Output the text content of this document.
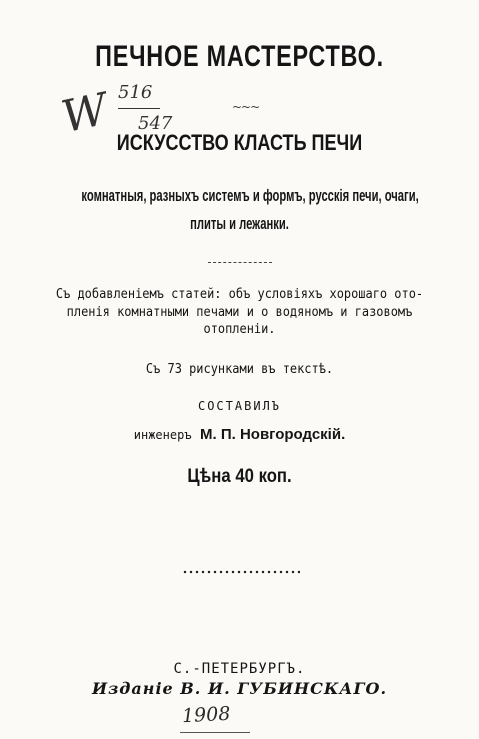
ПЕЧНОЕ МАСТЕРСТВО.
W 516
547
~~~
ИСКУССТВО КЛАСТЬ ПЕЧИ
комнатныя, разныхъ системъ и формъ, русскія печи, очаги,
плиты и лежанки.
Съ добавленіемъ статей: объ условіяхъ хорошаго ото-
пленія комнатными печами и о водяномъ и газовомъ
отопленіи.
Съ 73 рисунками въ текстѣ.
СОСТАВИЛЪ
инженеръ М. П. Новгородскій.
Цѣна 40 коп.
С.-ПЕТЕРБУРГЪ.
Изданіе В. И. ГУБИНСКАГО.
1908
